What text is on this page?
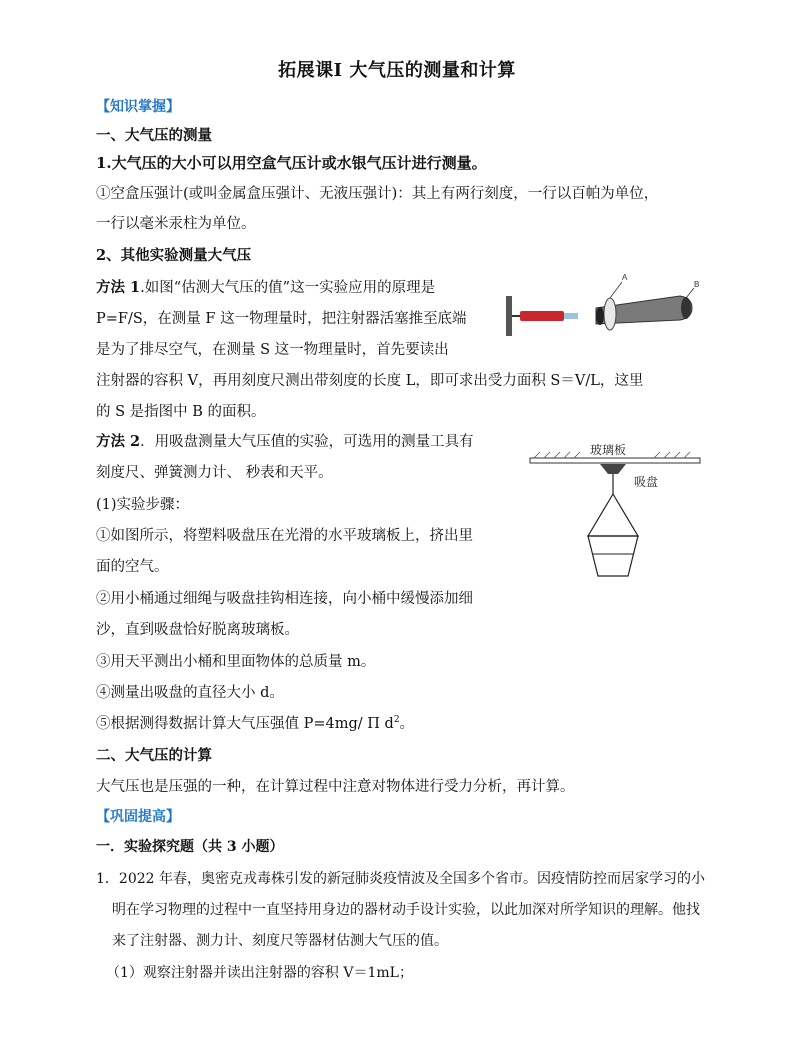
拓展课Ⅰ 大气压的测量和计算
【知识掌握】
一、大气压的测量
1.大气压的大小可以用空盒气压计或水银气压计进行测量。
①空盒压强计(或叫金属盒压强计、无液压强计)：其上有两行刻度，一行以百帕为单位，
一行以毫米汞柱为单位。
2、其他实验测量大气压
方法 1.如图“估测大气压的值”这一实验应用的原理是
P=F/S，在测量 F 这一物理量时，把注射器活塞推至底端
是为了排尽空气，在测量 S 这一物理量时，首先要读出
注射器的容积 V，再用刻度尺测出带刻度的长度 L，即可求出受力面积 S＝V/L，这里
的 S 是指图中 B 的面积。
A
B
方法 2．用吸盘测量大气压值的实验，可选用的测量工具有
刻度尺、弹簧测力计、 秒表和天平。
(1)实验步骤：
①如图所示，将塑料吸盘压在光滑的水平玻璃板上，挤出里
面的空气。
②用小桶通过细绳与吸盘挂钩相连接，向小桶中缓慢添加细
沙，直到吸盘恰好脱离玻璃板。
③用天平测出小桶和里面物体的总质量 m。
④测量出吸盘的直径大小 d。
⑤根据测得数据计算大气压强值 P=4mg/ Π $d^2$。
玻璃板
吸盘
二、大气压的计算
大气压也是压强的一种，在计算过程中注意对物体进行受力分析，再计算。
【巩固提高】
一．实验探究题（共 3 小题）
1．2022 年春，奥密克戎毒株引发的新冠肺炎疫情波及全国多个省市。因疫情防控而居家学习的小
明在学习物理的过程中一直坚持用身边的器材动手设计实验，以此加深对所学知识的理解。他找
来了注射器、测力计、刻度尺等器材估测大气压的值。
（1）观察注射器并读出注射器的容积 V＝1mL；
